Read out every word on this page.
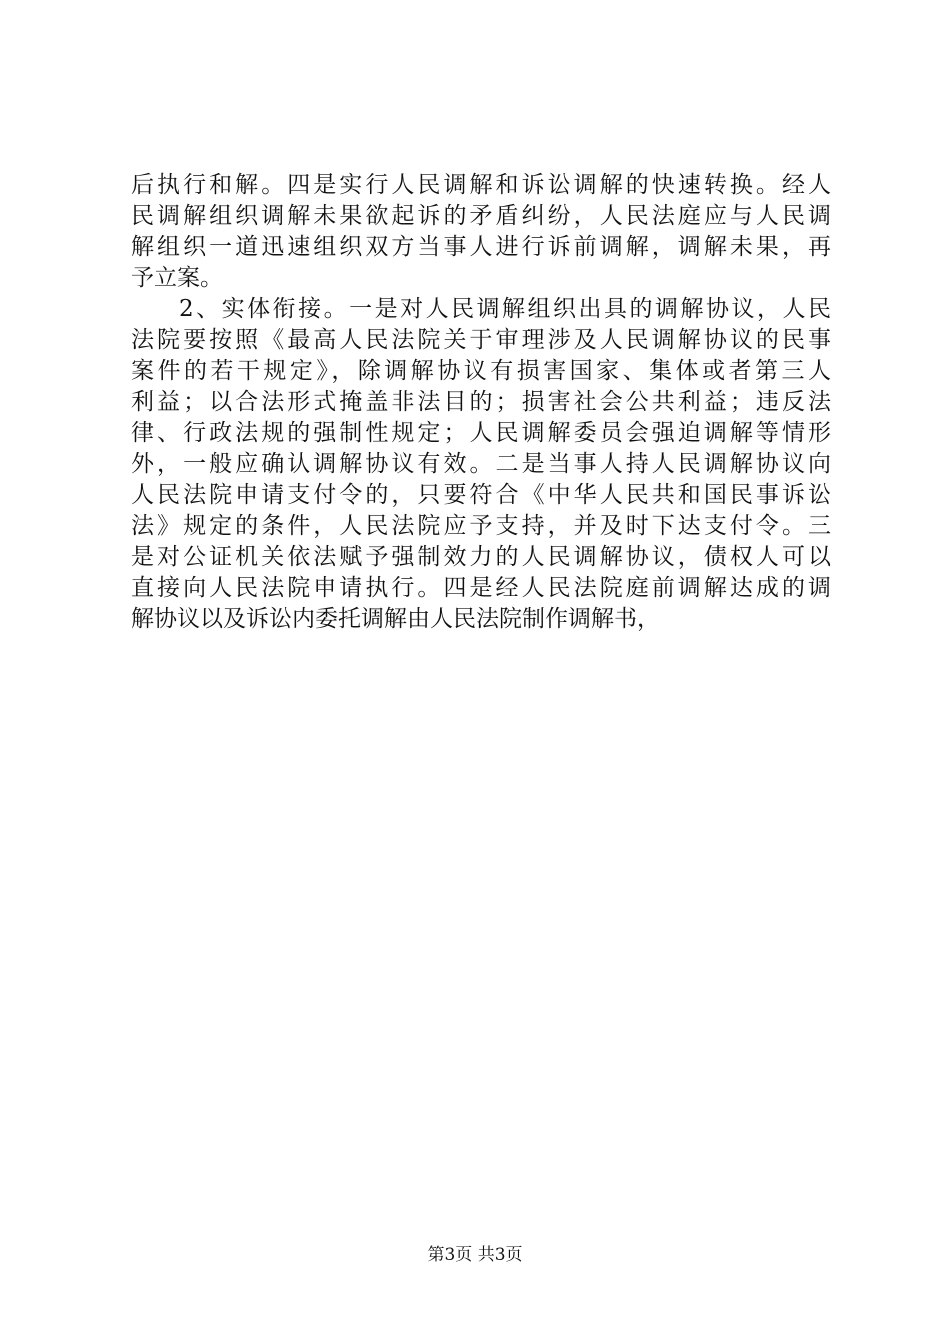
后执行和解。四是实行人民调解和诉讼调解的快速转换。经人
民调解组织调解未果欲起诉的矛盾纠纷，人民法庭应与人民调
解组织一道迅速组织双方当事人进行诉前调解，调解未果，再
予立案。
2、实体衔接。一是对人民调解组织出具的调解协议，人民
法院要按照《最高人民法院关于审理涉及人民调解协议的民事
案件的若干规定》，除调解协议有损害国家、集体或者第三人
利益；以合法形式掩盖非法目的；损害社会公共利益；违反法
律、行政法规的强制性规定；人民调解委员会强迫调解等情形
外，一般应确认调解协议有效。二是当事人持人民调解协议向
人民法院申请支付令的，只要符合《中华人民共和国民事诉讼
法》规定的条件，人民法院应予支持，并及时下达支付令。三
是对公证机关依法赋予强制效力的人民调解协议，债权人可以
直接向人民法院申请执行。四是经人民法院庭前调解达成的调
解协议以及诉讼内委托调解由人民法院制作调解书，
第3页 共3页
